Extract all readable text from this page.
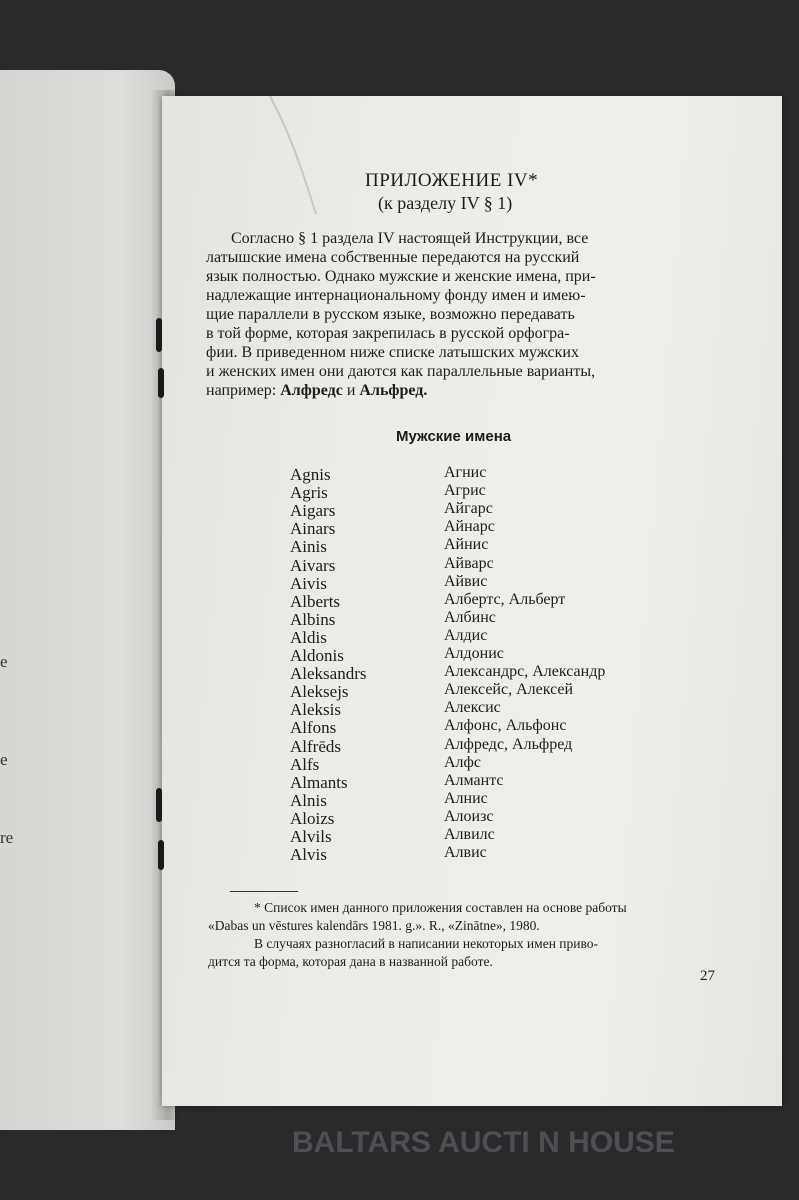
e
e
re
ПРИЛОЖЕНИЕ IV*
(к разделу IV § 1)
Согласно § 1 раздела IV настоящей Инструкции, все
латышские имена собственные передаются на русский
язык полностью. Однако мужские и женские имена, при-
надлежащие интернациональному фонду имен и имею-
щие параллели в русском языке, возможно передавать
в той форме, которая закрепилась в русской орфогра-
фии. В приведенном ниже списке латышских мужских
и женских имен они даются как параллельные варианты,
например: Алфредс и Альфред.
Мужские имена
Agnis	Агнис
Agris	Агрис
Aigars	Айгарс
Ainars	Айнарс
Ainis	Айнис
Aivars	Айварс
Aivis	Айвис
Alberts	Албертс, Альберт
Albins	Албинс
Aldis	Алдис
Aldonis	Алдонис
Aleksandrs	Александрс, Александр
Aleksejs	Алексейс, Алексей
Aleksis	Алексис
Alfons	Алфонс, Альфонс
Alfrēds	Алфредс, Альфред
Alfs	Алфс
Almants	Алмантс
Alnis	Алнис
Aloizs	Алоизс
Alvils	Алвилс
Alvis	Алвис
* Список имен данного приложения составлен на основе работы
«Dabas un vēstures kalendārs 1981. g.». R., «Zinātne», 1980.
В случаях разногласий в написании некоторых имен приво-
дится та форма, которая дана в названной работе.
27
BALTARS AUCTI N HOUSE
